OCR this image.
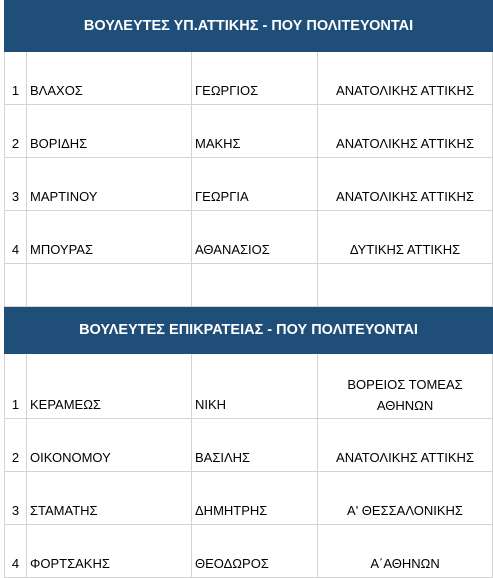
ΒΟΥΛΕΥΤΕΣ ΥΠ.ΑΤΤΙΚΗΣ - ΠΟΥ ΠΟΛΙΤΕΥΟΝΤΑΙ			
1	ΒΛΑΧΟΣ	ΓΕΩΡΓΙΟΣ	ΑΝΑΤΟΛΙΚΗΣ ΑΤΤΙΚΗΣ
2	ΒΟΡΙΔΗΣ	ΜΑΚΗΣ	ΑΝΑΤΟΛΙΚΗΣ ΑΤΤΙΚΗΣ
3	ΜΑΡΤΙΝΟΥ	ΓΕΩΡΓΙΑ	ΑΝΑΤΟΛΙΚΗΣ ΑΤΤΙΚΗΣ
4	ΜΠΟΥΡΑΣ	ΑΘΑΝΑΣΙΟΣ	ΔΥΤΙΚΗΣ ΑΤΤΙΚΗΣ

ΒΟΥΛΕΥΤΕΣ ΕΠΙΚΡΑΤΕΙΑΣ - ΠΟΥ ΠΟΛΙΤΕΥΟΝΤΑΙ			
1	ΚΕΡΑΜΕΩΣ	ΝΙΚΗ	ΒΟΡΕΙΟΣ ΤΟΜΕΑΣ ΑΘΗΝΩΝ
2	ΟΙΚΟΝΟΜΟΥ	ΒΑΣΙΛΗΣ	ΑΝΑΤΟΛΙΚΗΣ ΑΤΤΙΚΗΣ
3	ΣΤΑΜΑΤΗΣ	ΔΗΜΗΤΡΗΣ	Α' ΘΕΣΣΑΛΟΝΙΚΗΣ
4	ΦΟΡΤΣΑΚΗΣ	ΘΕΟΔΩΡΟΣ	Α΄ΑΘΗΝΩΝ
